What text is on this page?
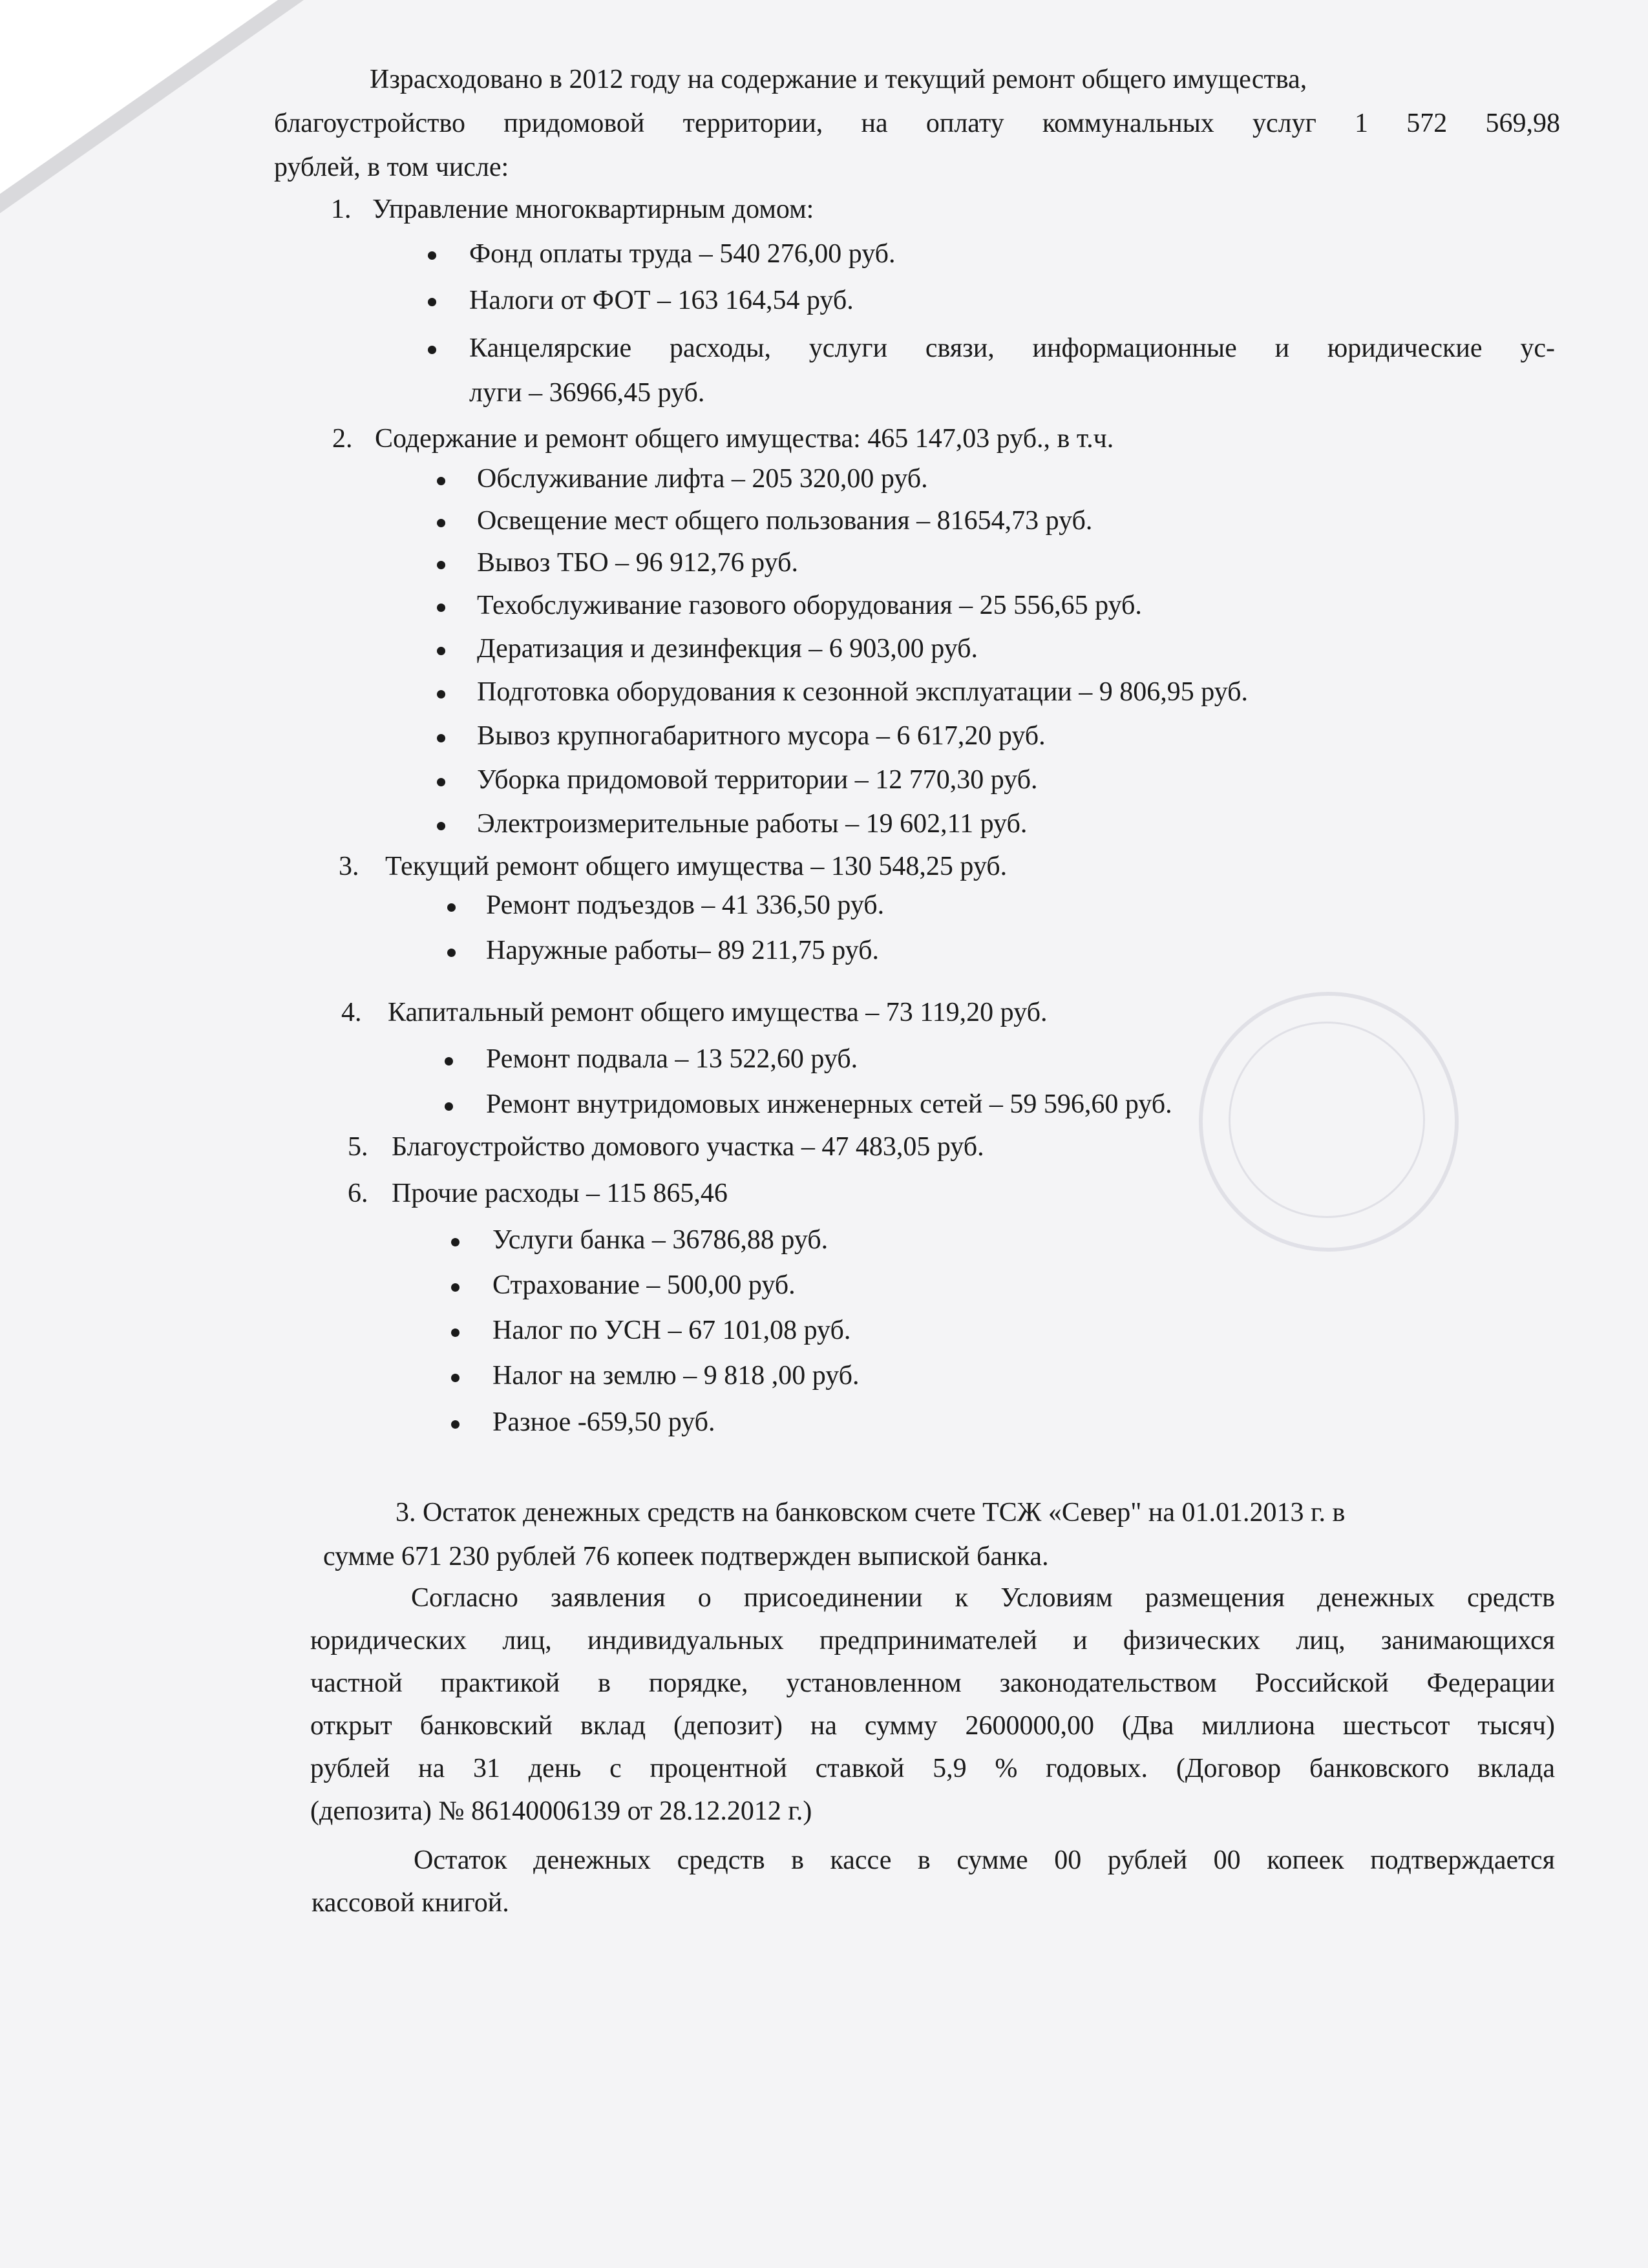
Израсходовано в 2012 году на содержание и текущий ремонт общего имущества,
благоустройство придомовой территории, на оплату коммунальных услуг 1 572 569,98
рублей, в том числе:
1. Управление многоквартирным домом:
Фонд оплаты труда – 540 276,00 руб.
Налоги от ФОТ – 163 164,54 руб.
Канцелярские расходы, услуги связи, информационные и юридические ус-
луги – 36966,45 руб.
2. Содержание и ремонт общего имущества: 465 147,03 руб., в т.ч.
Обслуживание лифта – 205 320,00 руб.
Освещение мест общего пользования – 81654,73 руб.
Вывоз ТБО – 96 912,76 руб.
Техобслуживание газового оборудования – 25 556,65 руб.
Дератизация и дезинфекция – 6 903,00 руб.
Подготовка оборудования к сезонной эксплуатации – 9 806,95 руб.
Вывоз крупногабаритного мусора – 6 617,20 руб.
Уборка придомовой территории – 12 770,30 руб.
Электроизмерительные работы – 19 602,11 руб.
3. Текущий ремонт общего имущества – 130 548,25 руб.
Ремонт подъездов – 41 336,50 руб.
Наружные работы– 89 211,75 руб.
4. Капитальный ремонт общего имущества – 73 119,20 руб.
Ремонт подвала – 13 522,60 руб.
Ремонт внутридомовых инженерных сетей – 59 596,60 руб.
5. Благоустройство домового участка – 47 483,05 руб.
6. Прочие расходы – 115 865,46
Услуги банка – 36786,88 руб.
Страхование – 500,00 руб.
Налог по УСН – 67 101,08 руб.
Налог на землю – 9 818 ,00 руб.
Разное -659,50 руб.
3. Остаток денежных средств на банковском счете ТСЖ «Север" на 01.01.2013 г. в
сумме 671 230 рублей 76 копеек подтвержден выпиской банка.
Согласно заявления о присоединении к Условиям размещения денежных средств
юридических лиц, индивидуальных предпринимателей и физических лиц, занимающихся
частной практикой в порядке, установленном законодательством Российской Федерации
открыт банковский вклад (депозит) на сумму 2600000,00 (Два миллиона шестьсот тысяч)
рублей на 31 день с процентной ставкой 5,9 % годовых. (Договор банковского вклада
(депозита) № 86140006139 от 28.12.2012 г.)
Остаток денежных средств в кассе в сумме 00 рублей 00 копеек подтверждается
кассовой книгой.
